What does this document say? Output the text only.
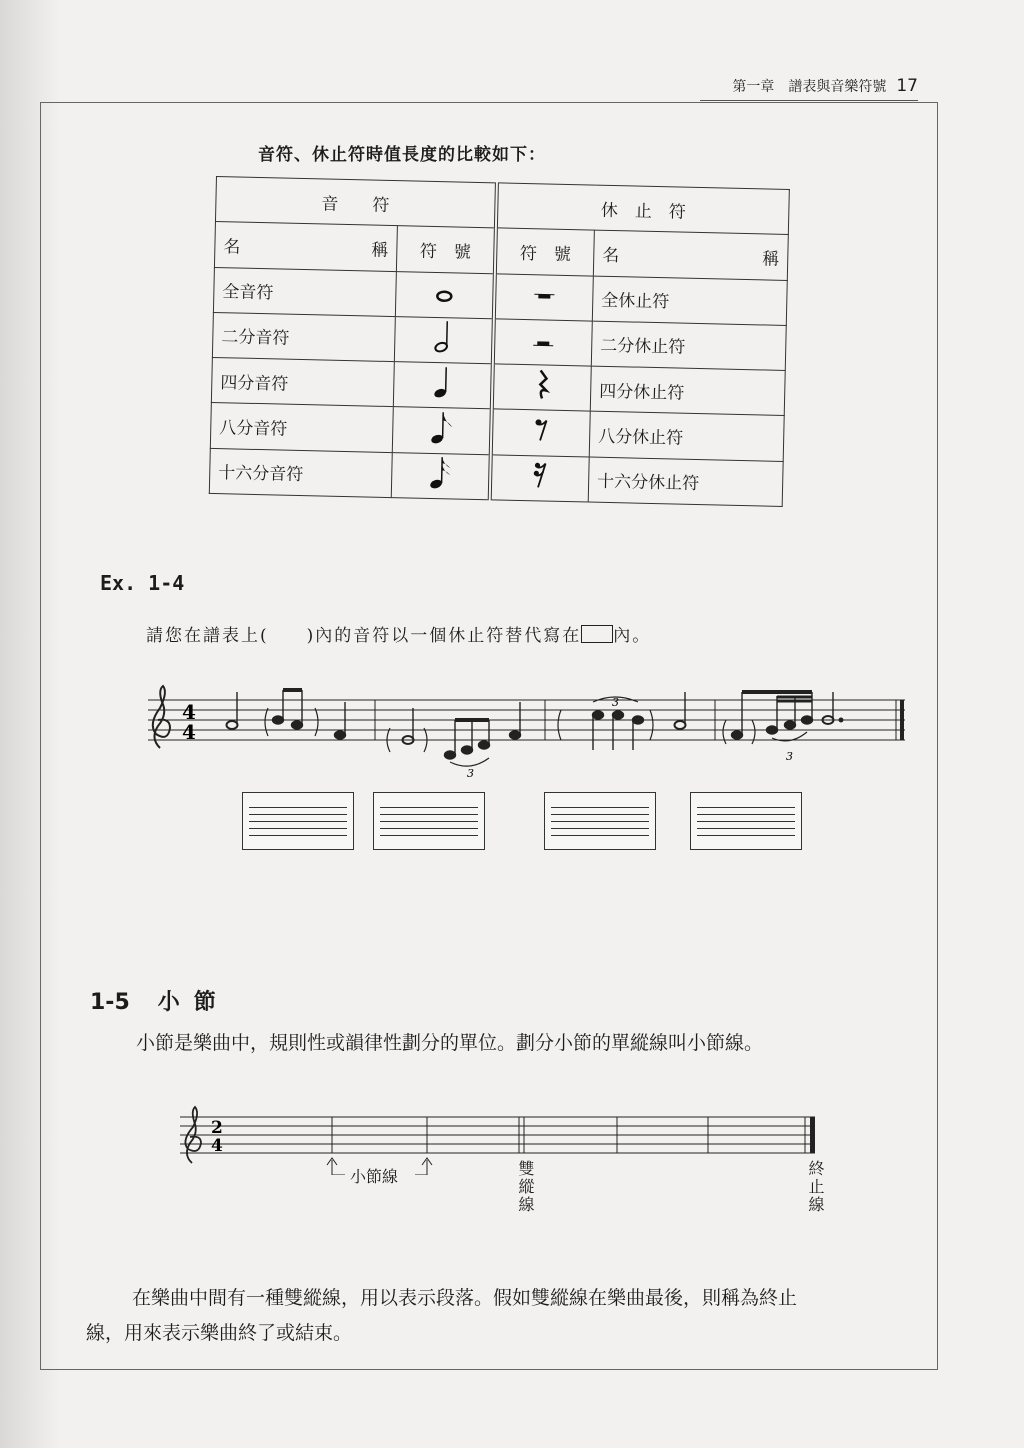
第一章　譜表與音樂符號 17
音符、休止符時值長度的比較如下：
音　　符		休　止　符	

名 稱	符　號	符　號	名 稱

全音符			全休止符
二分音符			二分休止符
四分音符			四分休止符
八分音符			八分休止符
十六分音符			十六分休止符
Ex. 1-4
請您在譜表上(　　)內的音符以一個休止符替代寫在 內。
4
4
3
3
3
1-5 小節
小節是樂曲中，規則性或韻律性劃分的單位。劃分小節的單縱線叫小節線。
2
4
小節線	雙縱線	終止線
在樂曲中間有一種雙縱線，用以表示段落。假如雙縱線在樂曲最後，則稱為終止
線，用來表示樂曲終了或結束。
